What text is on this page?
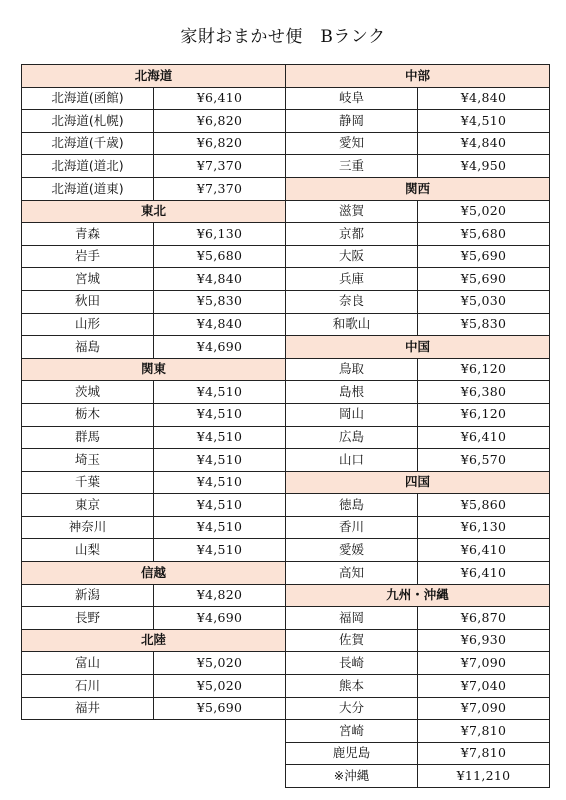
家財おまかせ便　Bランク
北海道	
北海道(函館)	¥6,410
北海道(札幌)	¥6,820
北海道(千歳)	¥6,820
北海道(道北)	¥7,370
北海道(道東)	¥7,370
東北	
青森	¥6,130
岩手	¥5,680
宮城	¥4,840
秋田	¥5,830
山形	¥4,840
福島	¥4,690
関東	
茨城	¥4,510
栃木	¥4,510
群馬	¥4,510
埼玉	¥4,510
千葉	¥4,510
東京	¥4,510
神奈川	¥4,510
山梨	¥4,510
信越	
新潟	¥4,820
長野	¥4,690
北陸	
富山	¥5,020
石川	¥5,020
福井	¥5,690
中部	
岐阜	¥4,840
静岡	¥4,510
愛知	¥4,840
三重	¥4,950
関西	
滋賀	¥5,020
京都	¥5,680
大阪	¥5,690
兵庫	¥5,690
奈良	¥5,030
和歌山	¥5,830
中国	
鳥取	¥6,120
島根	¥6,380
岡山	¥6,120
広島	¥6,410
山口	¥6,570
四国	
徳島	¥5,860
香川	¥6,130
愛媛	¥6,410
高知	¥6,410
九州・沖縄	
福岡	¥6,870
佐賀	¥6,930
長崎	¥7,090
熊本	¥7,040
大分	¥7,090
宮崎	¥7,810
鹿児島	¥7,810
※沖縄	¥11,210
